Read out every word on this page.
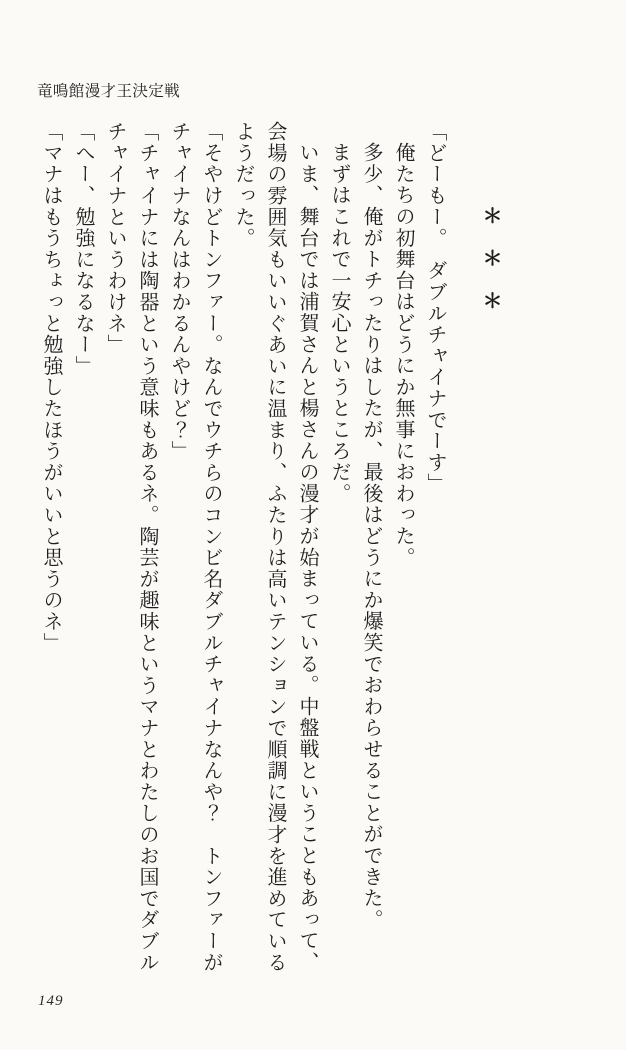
竜鳴館漫才王決定戦

＊　＊　＊

「どーもー。　ダブルチャイナでーす」

俺たちの初舞台はどうにか無事におわった。

多少、俺がトチったりはしたが、最後はどうにか爆笑でおわらせることができた。

まずはこれで一安心というところだ。

いま、舞台では浦賀さんと楊さんの漫才が始まっている。中盤戦ということもあって、会場の雰囲気もいいぐあいに温まり、ふたりは高いテンションで順調に漫才を進めているようだった。

「そやけどトンファー。なんでウチらのコンビ名ダブルチャイナなんや？　トンファーがチャイナなんはわかるんやけど？」

「チャイナには陶器という意味もあるネ。陶芸が趣味というマナとわたしのお国でダブルチャイナというわけネ」

「へー、勉強になるなー」

「マナはもうちょっと勉強したほうがいいと思うのネ」

149
